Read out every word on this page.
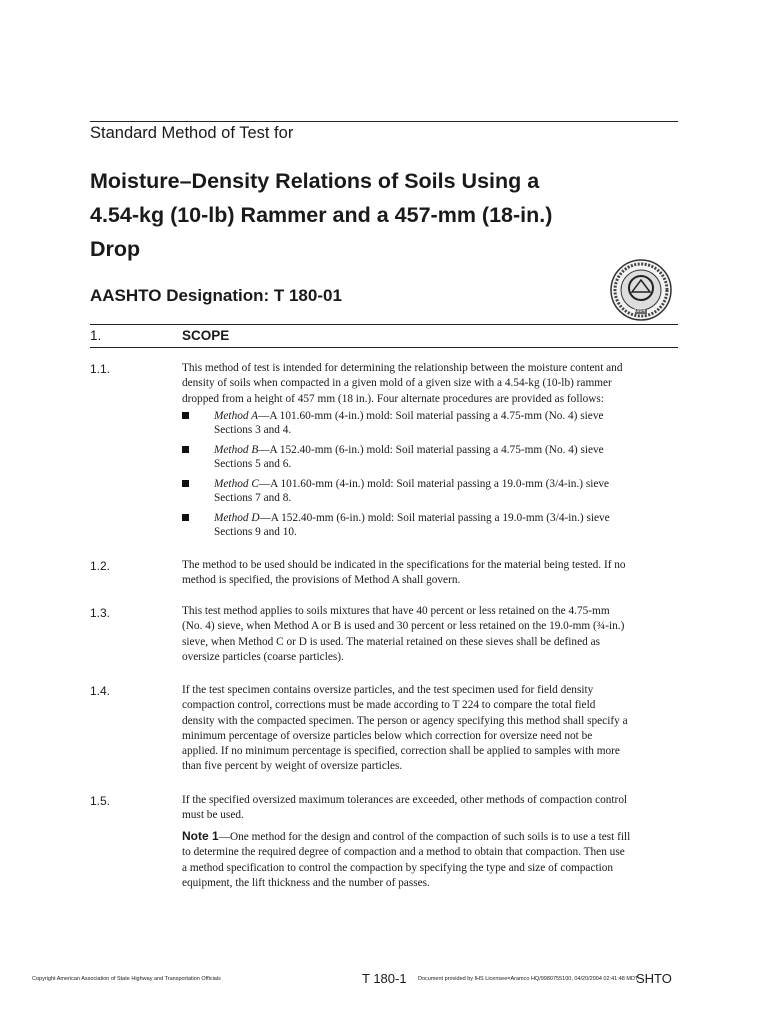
Standard Method of Test for
Moisture–Density Relations of Soils Using a
4.54-kg (10-lb) Rammer and a 457-mm (18-in.)
Drop
AASHTO Designation: T 180-01
1914
1.	SCOPE
1.1.	This method of test is intended for determining the relationship between the moisture content and
density of soils when compacted in a given mold of a given size with a 4.54-kg (10-lb) rammer
dropped from a height of 457 mm (18 in.). Four alternate procedures are provided as follows:
Method A—A 101.60-mm (4-in.) mold: Soil material passing a 4.75-mm (No. 4) sieve
Sections 3 and 4.
Method B—A 152.40-mm (6-in.) mold: Soil material passing a 4.75-mm (No. 4) sieve
Sections 5 and 6.
Method C—A 101.60-mm (4-in.) mold: Soil material passing a 19.0-mm (3/4-in.) sieve
Sections 7 and 8.
Method D—A 152.40-mm (6-in.) mold: Soil material passing a 19.0-mm (3/4-in.) sieve
Sections 9 and 10.
1.2.	The method to be used should be indicated in the specifications for the material being tested. If no
method is specified, the provisions of Method A shall govern.
1.3.	This test method applies to soils mixtures that have 40 percent or less retained on the 4.75-mm
(No. 4) sieve, when Method A or B is used and 30 percent or less retained on the 19.0-mm (¾-in.)
sieve, when Method C or D is used. The material retained on these sieves shall be defined as
oversize particles (coarse particles).
1.4.	If the test specimen contains oversize particles, and the test specimen used for field density
compaction control, corrections must be made according to T 224 to compare the total field
density with the compacted specimen. The person or agency specifying this method shall specify a
minimum percentage of oversize particles below which correction for oversize need not be
applied. If no minimum percentage is specified, correction shall be applied to samples with more
than five percent by weight of oversize particles.
1.5.	If the specified oversized maximum tolerances are exceeded, other methods of compaction control
must be used.
Note 1—One method for the design and control of the compaction of such soils is to use a test fill
to determine the required degree of compaction and a method to obtain that compaction. Then use
a method specification to control the compaction by specifying the type and size of compaction
equipment, the lift thickness and the number of passes.
Copyright American Association of State Highway and Transportation Officials	T 180-1 Document provided by IHS Licensee=Aramco HQ/9980755100, 04/20/2004 02:41:48 MDT
SHTO
